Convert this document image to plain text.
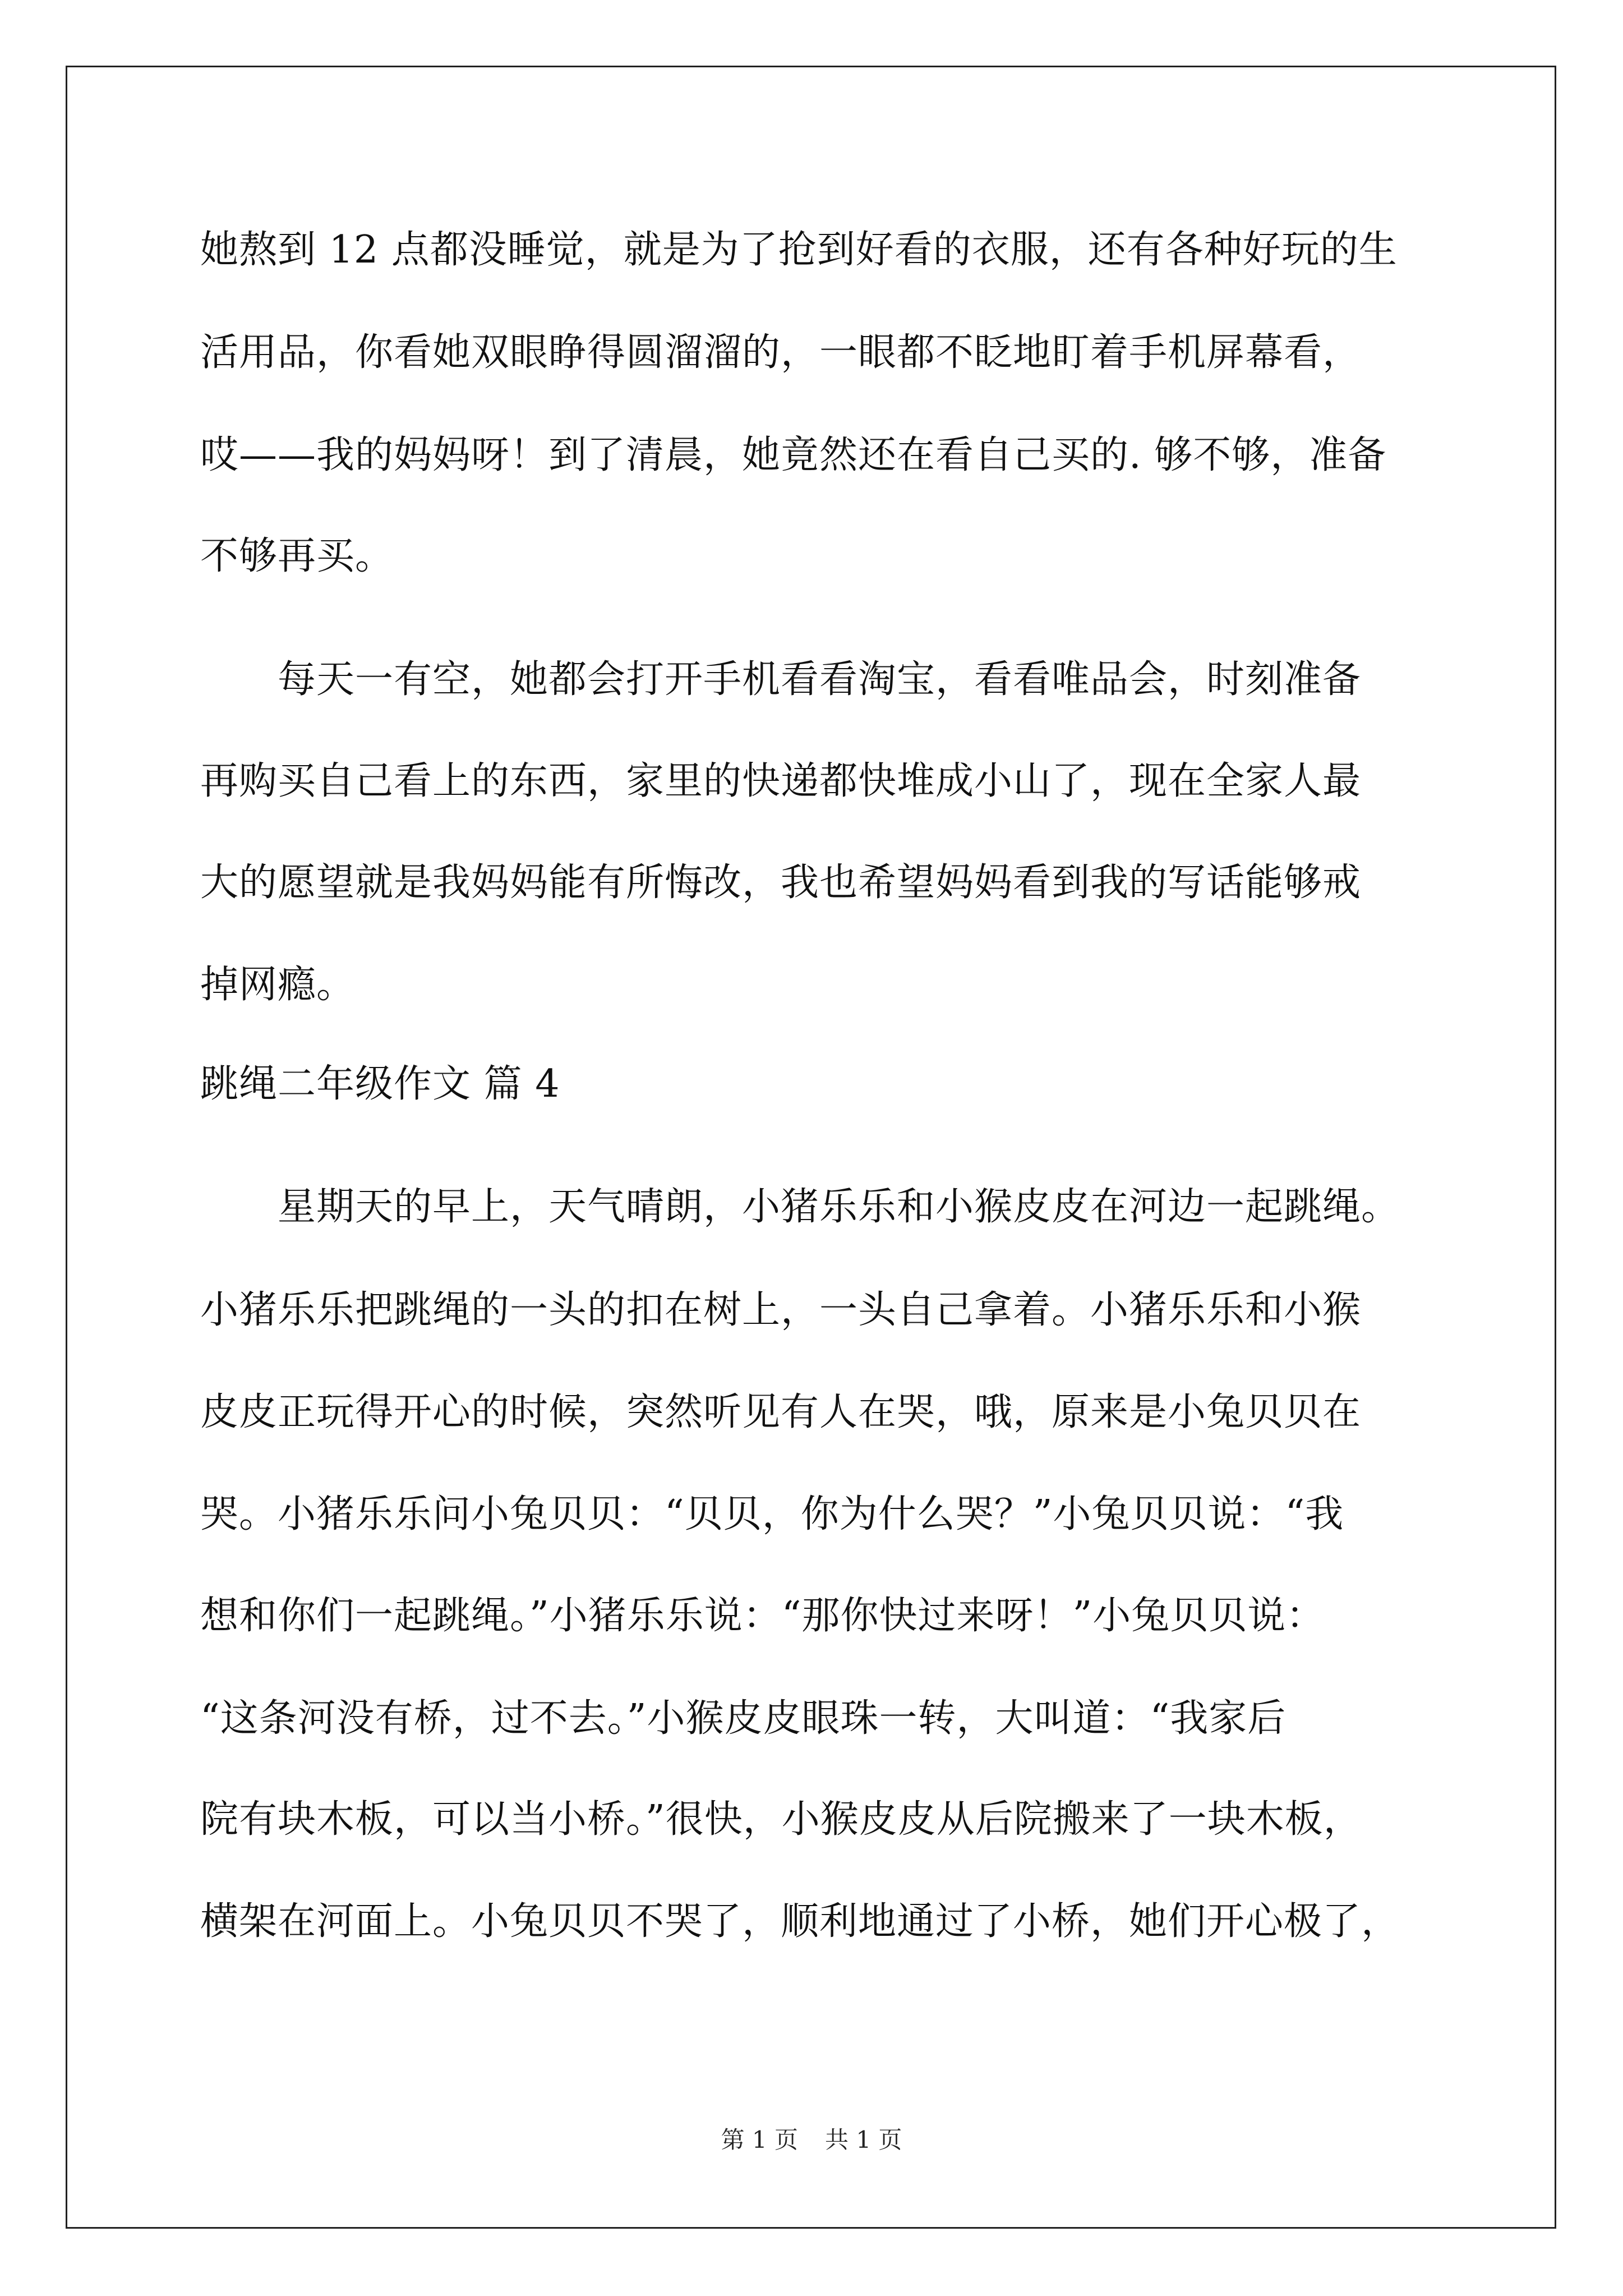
她熬到 12 点都没睡觉，就是为了抢到好看的衣服，还有各种好玩的生
活用品，你看她双眼睁得圆溜溜的，一眼都不眨地盯着手机屏幕看，
哎——我的妈妈呀！到了清晨，她竟然还在看自己买的. 够不够，准备
不够再买。
　　每天一有空，她都会打开手机看看淘宝，看看唯品会，时刻准备
再购买自己看上的东西，家里的快递都快堆成小山了，现在全家人最
大的愿望就是我妈妈能有所悔改，我也希望妈妈看到我的写话能够戒
掉网瘾。
跳绳二年级作文 篇 4
　　星期天的早上，天气晴朗，小猪乐乐和小猴皮皮在河边一起跳绳。
小猪乐乐把跳绳的一头的扣在树上，一头自己拿着。小猪乐乐和小猴
皮皮正玩得开心的时候，突然听见有人在哭，哦，原来是小兔贝贝在
哭。小猪乐乐问小兔贝贝：“贝贝，你为什么哭？”小兔贝贝说：“我
想和你们一起跳绳。”小猪乐乐说：“那你快过来呀！”小兔贝贝说：
“这条河没有桥，过不去。”小猴皮皮眼珠一转，大叫道：“我家后
院有块木板，可以当小桥。”很快，小猴皮皮从后院搬来了一块木板，
横架在河面上。小兔贝贝不哭了，顺利地通过了小桥，她们开心极了，
第 1 页 共 1 页
